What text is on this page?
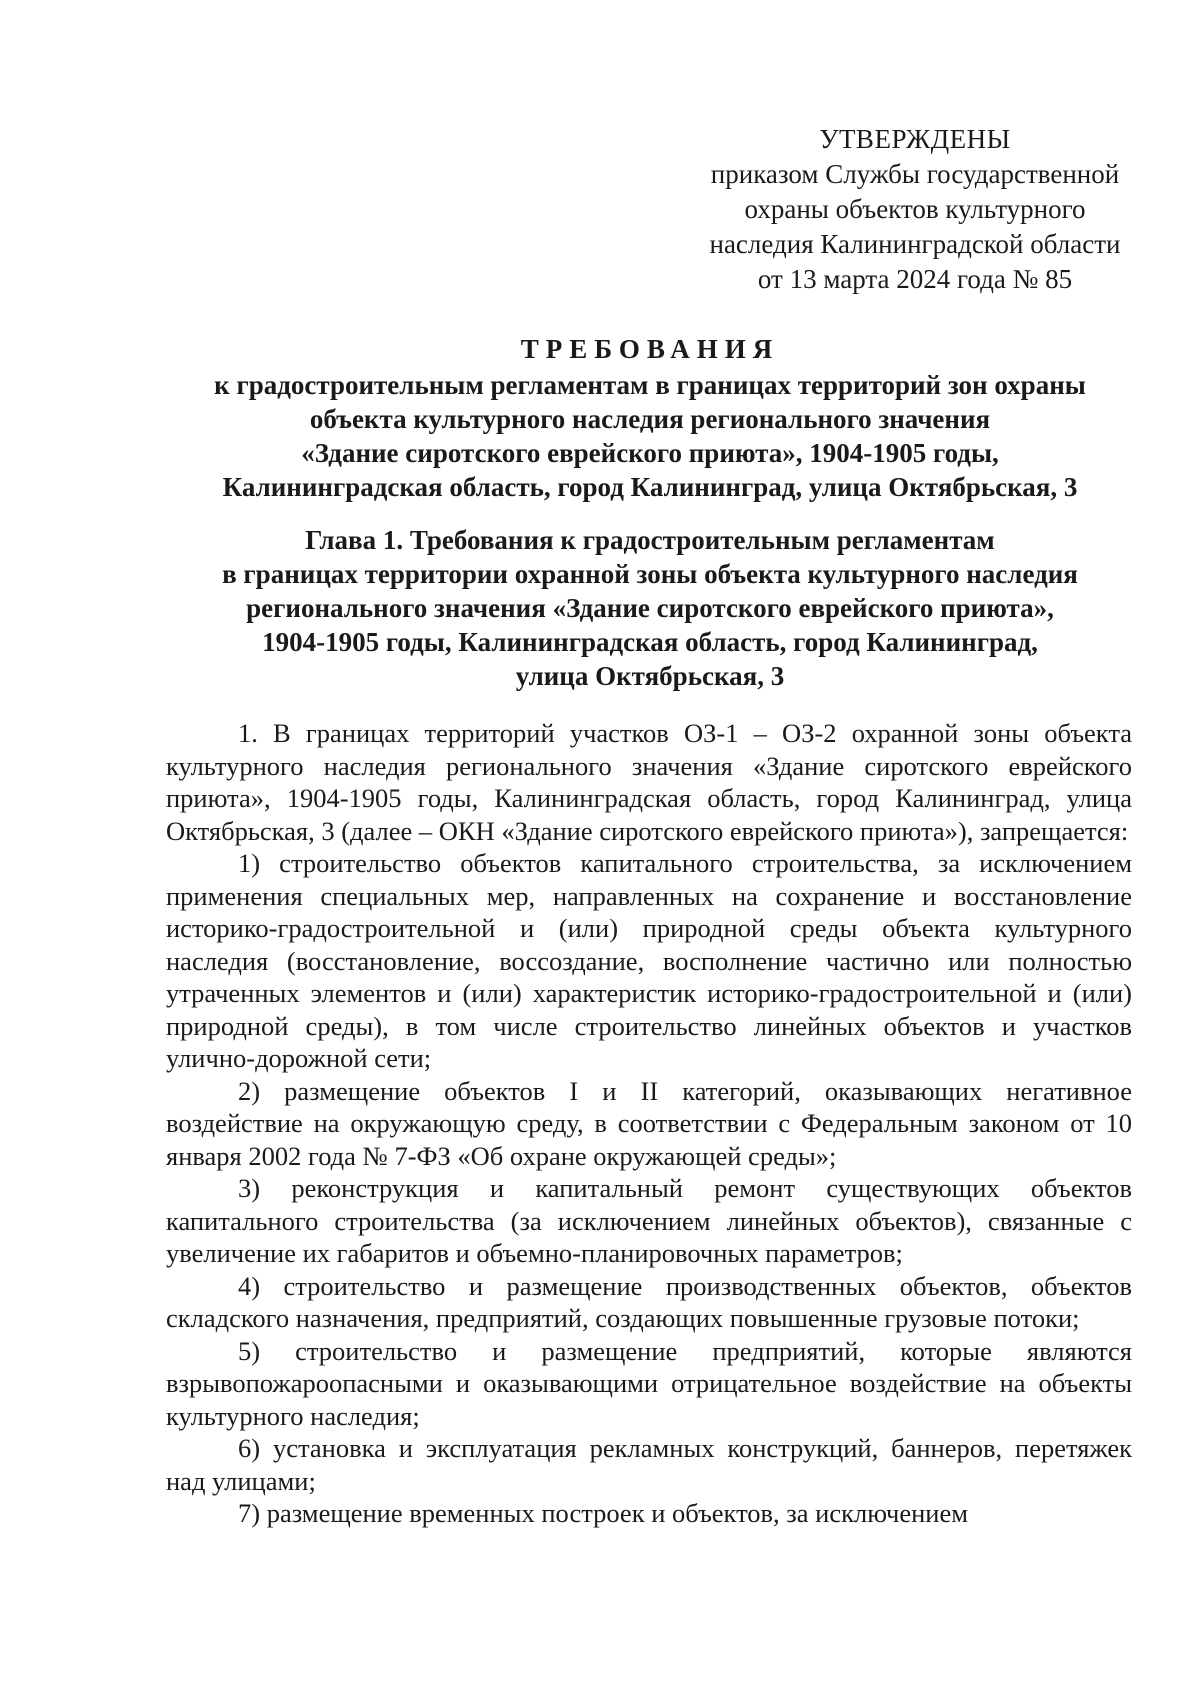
УТВЕРЖДЕНЫ
приказом Службы государственной
охраны объектов культурного
наследия Калининградской области
от 13 марта 2024 года № 85
ТРЕБОВАНИЯ
к градостроительным регламентам в границах территорий зон охраны
объекта культурного наследия регионального значения
«Здание сиротского еврейского приюта», 1904-1905 годы,
Калининградская область, город Калининград, улица Октябрьская, 3
Глава 1. Требования к градостроительным регламентам
в границах территории охранной зоны объекта культурного наследия
регионального значения «Здание сиротского еврейского приюта»,
1904-1905 годы, Калининградская область, город Калининград,
улица Октябрьская, 3

1. В границах территорий участков ОЗ-1 – ОЗ-2 охранной зоны объекта культурного наследия регионального значения «Здание сиротского еврейского приюта», 1904-1905 годы, Калининградская область, город Калининград, улица Октябрьская, 3 (далее – ОКН «Здание сиротского еврейского приюта»), запрещается:

1) строительство объектов капитального строительства, за исключением применения специальных мер, направленных на сохранение и восстановление историко-градостроительной и (или) природной среды объекта культурного наследия (восстановление, воссоздание, восполнение частично или полностью утраченных элементов и (или) характеристик историко-градостроительной и (или) природной среды), в том числе строительство линейных объектов и участков улично-дорожной сети;

2) размещение объектов I и II категорий, оказывающих негативное воздействие на окружающую среду, в соответствии с Федеральным законом от 10 января 2002 года № 7-ФЗ «Об охране окружающей среды»;

3) реконструкция и капитальный ремонт существующих объектов капитального строительства (за исключением линейных объектов), связанные с увеличение их габаритов и объемно-планировочных параметров;

4) строительство и размещение производственных объектов, объектов складского назначения, предприятий, создающих повышенные грузовые потоки;

5) строительство и размещение предприятий, которые являются взрывопожароопасными и оказывающими отрицательное воздействие на объекты культурного наследия;

6) установка и эксплуатация рекламных конструкций, баннеров, перетяжек над улицами;

7) размещение временных построек и объектов, за исключением
